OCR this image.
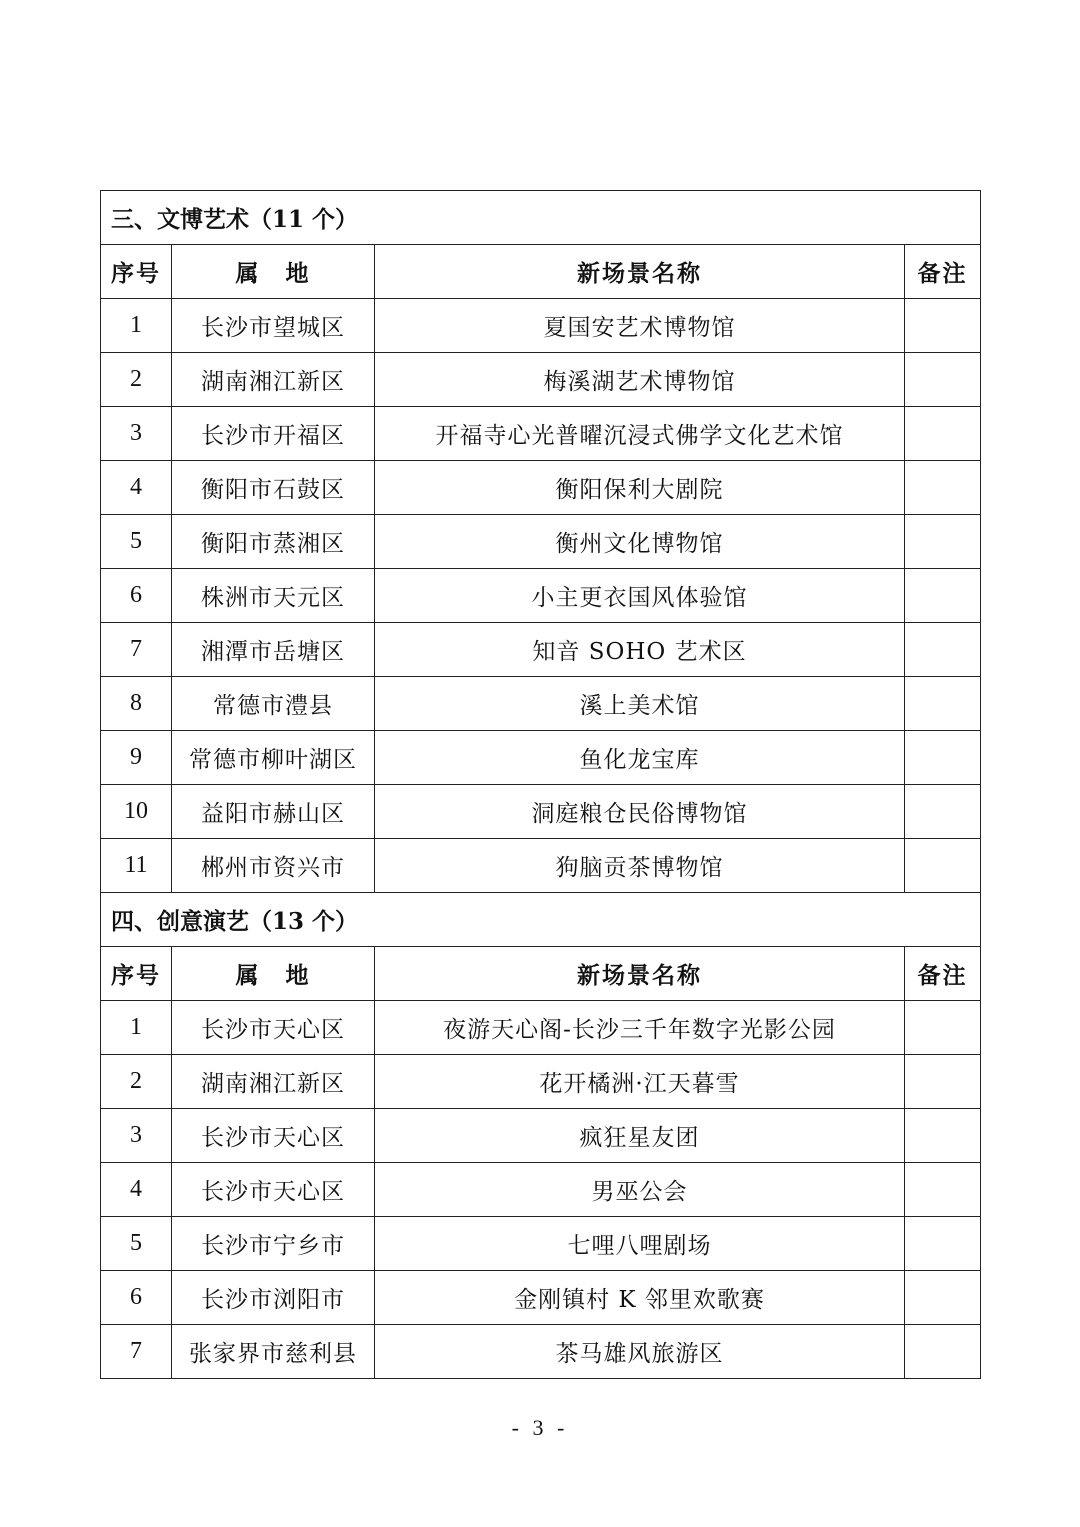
三、文博艺术（11 个）			
序号	属　地	新场景名称	备注
1	长沙市望城区	夏国安艺术博物馆	
2	湖南湘江新区	梅溪湖艺术博物馆	
3	长沙市开福区	开福寺心光普曜沉浸式佛学文化艺术馆	
4	衡阳市石鼓区	衡阳保利大剧院	
5	衡阳市蒸湘区	衡州文化博物馆	
6	株洲市天元区	小主更衣国风体验馆	
7	湘潭市岳塘区	知音 SOHO 艺术区	
8	常德市澧县	溪上美术馆	
9	常德市柳叶湖区	鱼化龙宝库	
10	益阳市赫山区	洞庭粮仓民俗博物馆	
11	郴州市资兴市	狗脑贡茶博物馆	
四、创意演艺（13 个）			
序号	属　地	新场景名称	备注
1	长沙市天心区	夜游天心阁-长沙三千年数字光影公园	
2	湖南湘江新区	花开橘洲·江天暮雪	
3	长沙市天心区	疯狂星友团	
4	长沙市天心区	男巫公会	
5	长沙市宁乡市	七哩八哩剧场	
6	长沙市浏阳市	金刚镇村 K 邻里欢歌赛	
7	张家界市慈利县	茶马雄风旅游区	
- 3 -
